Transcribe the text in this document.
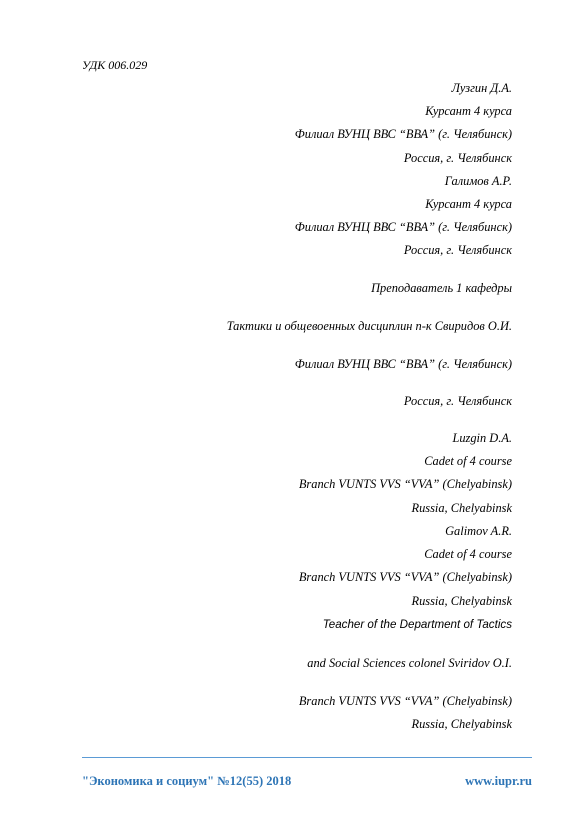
УДК 006.029
Лузгин Д.А.
Курсант 4 курса
Филиал ВУНЦ ВВС “ВВА” (г. Челябинск)
Россия, г. Челябинск
Галимов А.Р.
Курсант 4 курса
Филиал ВУНЦ ВВС “ВВА” (г. Челябинск)
Россия, г. Челябинск
Преподаватель 1 кафедры
Тактики и общевоенных дисциплин п-к Свиридов О.И.
Филиал ВУНЦ ВВС “ВВА” (г. Челябинск)
Россия, г. Челябинск
Luzgin D.A.
Cadet of 4 course
Branch VUNTS VVS “VVA” (Chelyabinsk)
Russia, Chelyabinsk
Galimov A.R.
Cadet of 4 course
Branch VUNTS VVS “VVA” (Chelyabinsk)
Russia, Chelyabinsk
Teacher of the Department of Tactics
and Social Sciences colonel Sviridov O.I.
Branch VUNTS VVS “VVA” (Chelyabinsk)
Russia, Chelyabinsk
"Экономика и социум" №12(55) 2018	www.iupr.ru
